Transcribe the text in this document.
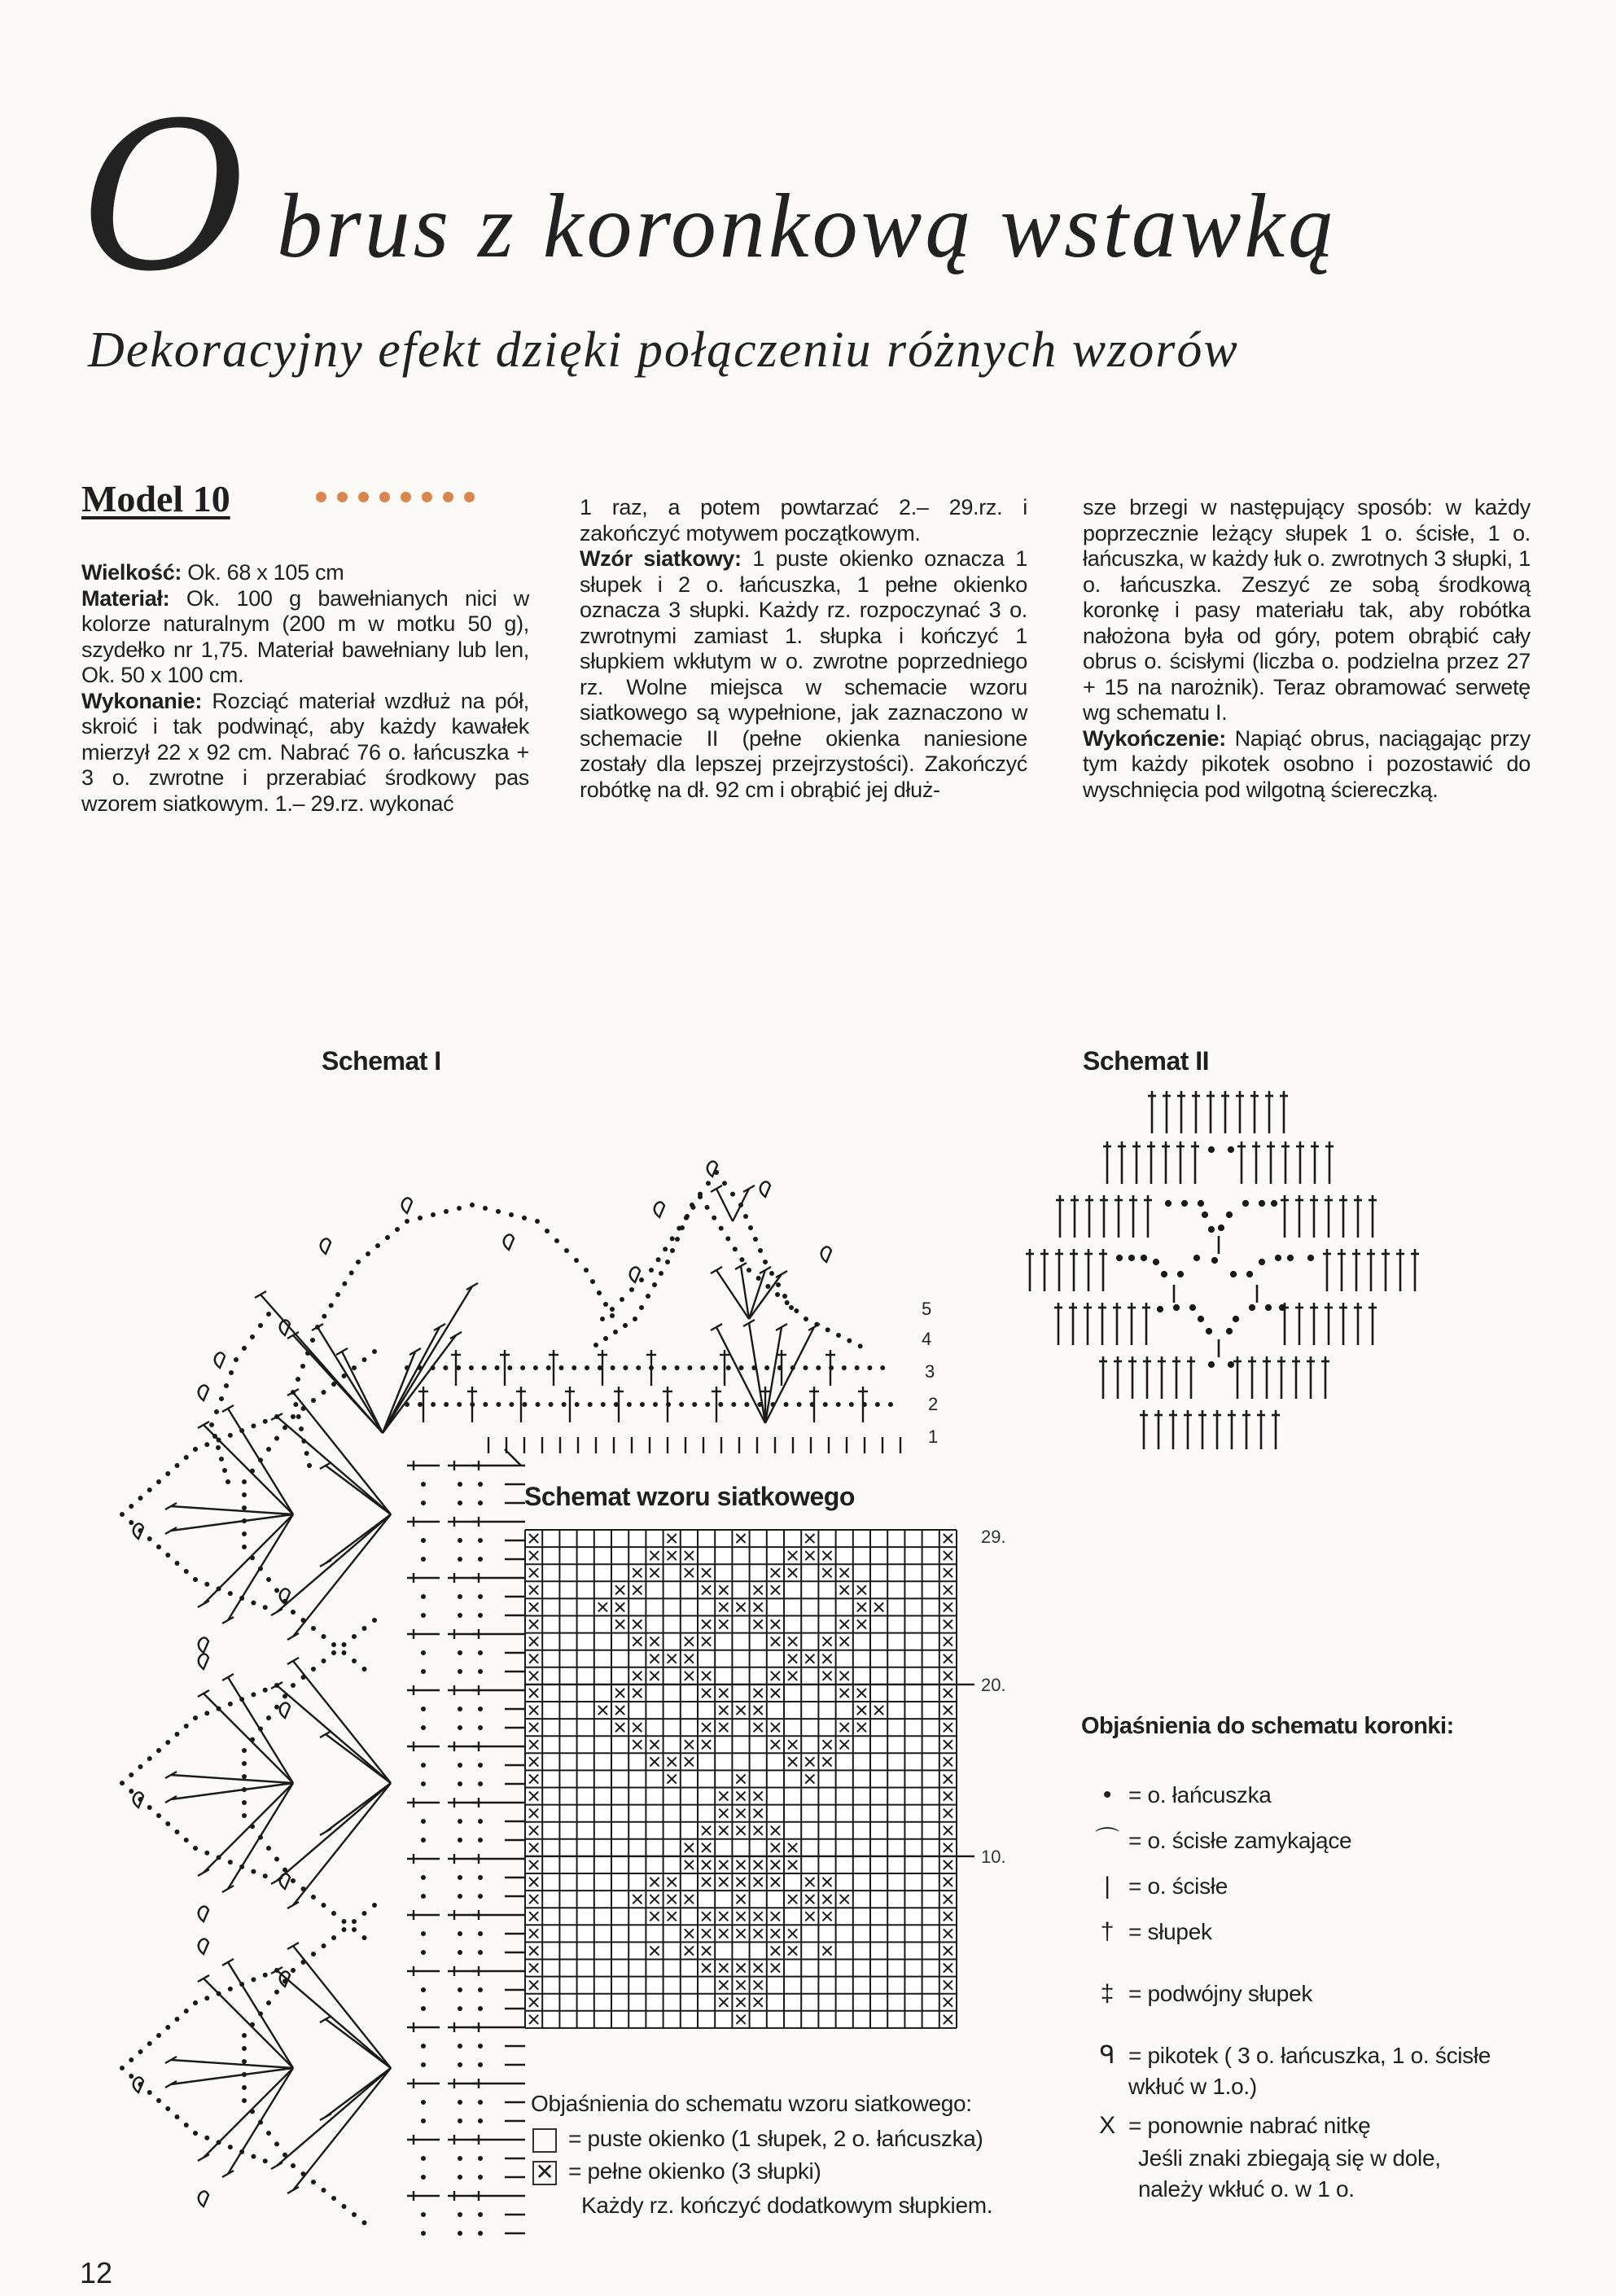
O brus z koronkową wstawką
Dekoracyjny efekt dzięki połączeniu różnych wzorów
Model 10

Wielkość: Ok. 68 x 105 cm

Materiał: Ok. 100 g bawełnianych nici w kolorze naturalnym (200 m w motku 50 g), szydełko nr 1,75. Materiał bawełniany lub len, Ok. 50 x 100 cm.

Wykonanie: Rozciąć materiał wzdłuż na pół, skroić i tak podwinąć, aby każdy kawałek mierzył 22 x 92 cm. Nabrać 76 o. łańcuszka + 3 o. zwrotne i przerabiać środkowy pas wzorem siatkowym. 1.– 29.rz. wykonać

1 raz, a potem powtarzać 2.– 29.rz. i zakończyć motywem początkowym.

Wzór siatkowy: 1 puste okienko oznacza 1 słupek i 2 o. łańcuszka, 1 pełne okienko oznacza 3 słupki. Każdy rz. rozpoczynać 3 o. zwrotnymi zamiast 1. słupka i kończyć 1 słupkiem wkłutym w o. zwrotne poprzedniego rz. Wolne miejsca w schemacie wzoru siatkowego są wypełnione, jak zaznaczono w schemacie II (pełne okienka naniesione zostały dla lepszej przejrzystości). Zakończyć robótkę na dł. 92 cm i obrąbić jej dłuż-

sze brzegi w następujący sposób: w każdy poprzecznie leżący słupek 1 o. ścisłe, 1 o. łańcuszka, w każdy łuk o. zwrotnych 3 słupki, 1 o. łańcuszka. Zeszyć ze sobą środkową koronkę i pasy materiału tak, aby robótka nałożona była od góry, potem obrąbić cały obrus o. ścisłymi (liczba o. podzielna przez 27 + 15 na narożnik). Teraz obramować serwetę wg schematu I.

Wykończenie: Napiąć obrus, naciągając przy tym każdy pikotek osobno i pozostawić do wyschnięcia pod wilgotną ściereczką.

Schemat I	Schemat II
5
4
3
2
1
Schemat wzoru siatkowego
29.
20.
10.
Objaśnienia do schematu wzoru siatkowego:
= puste okienko (1 słupek, 2 o. łańcuszka)
✕ = pełne okienko (3 słupki)
Każdy rz. kończyć dodatkowym słupkiem.
Objaśnienia do schematu koronki:
• = o. łańcuszka
⌒ = o. ścisłe zamykające
| = o. ścisłe
† = słupek
‡ = podwójny słupek
ᑫ = pikotek ( 3 o. łańcuszka, 1 o. ścisłe wkłuć w 1.o.)
X = ponownie nabrać nitkę
Jeśli znaki zbiegają się w dole,
należy wkłuć o. w 1 o.
12
